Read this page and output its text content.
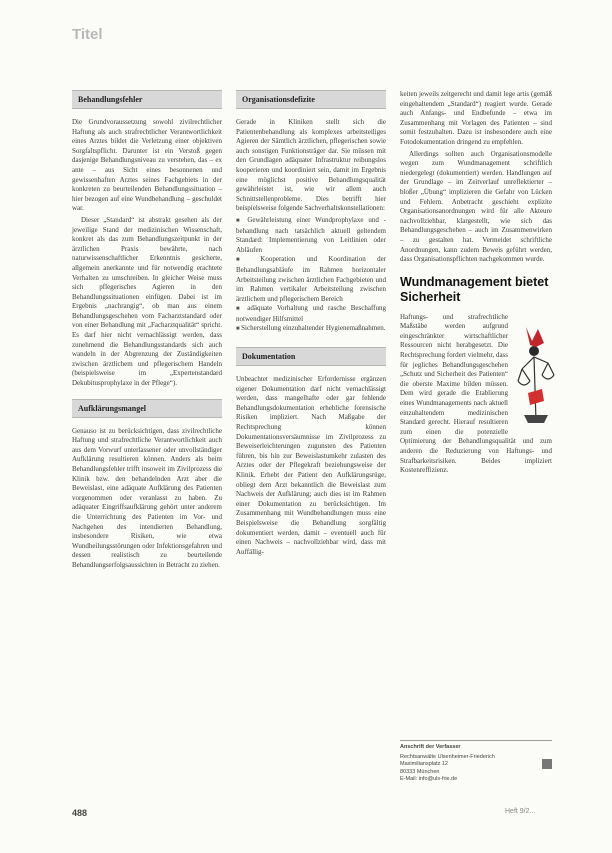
Titel
Behandlungsfehler

Die Grundvoraussetzung sowohl zivilrechtlicher Haftung als auch strafrechtlicher Verantwortlichkeit eines Arztes bildet die Verletzung einer objektiven Sorgfaltspflicht. Darunter ist ein Verstoß gegen dasjenige Behandlungsniveau zu verstehen, das – ex ante – aus Sicht eines besonnenen und gewissenhaften Arztes seines Fachgebiets in der konkreten zu beurteilenden Behandlungssituation – hier bezogen auf eine Wundbehandlung – geschuldet war.

Dieser „Standard“ ist abstrakt gesehen als der jeweilige Stand der medizinischen Wissenschaft, konkret als das zum Behandlungszeitpunkt in der ärztlichen Praxis bewährte, nach naturwissenschaftlicher Erkenntnis gesicherte, allgemein anerkannte und für notwendig erachtete Verhalten zu umschreiben. In gleicher Weise muss sich pflegerisches Agieren in den Behandlungssituationen einfügen. Dabei ist im Ergebnis „nachrangig“, ob man aus einem Behandlungsgeschehen vom Facharztstandard oder von einer Behandlung mit „Facharztqualität“ spricht. Es darf hier nicht vernachlässigt werden, dass zunehmend die Behandlungsstandards sich auch wandeln in der Abgrenzung der Zuständigkeiten zwischen ärztlichem und pflegerischem Handeln (beispielsweise im „Expertenstandard Dekubitusprophylaxe in der Pflege“).

Aufklärungsmangel

Genauso ist zu berücksichtigen, dass zivilrechtliche Haftung und strafrechtliche Verantwortlichkeit auch aus dem Vorwurf unterlassener oder unvollständiger Aufklärung resultieren können. Anders als beim Behandlungsfehler trifft insoweit im Zivilprozess die Klinik bzw. den behandelnden Arzt aber die Beweislast, eine adäquate Aufklärung des Patienten vorgenommen oder veranlasst zu haben. Zu adäquater Eingriffsaufklärung gehört unter anderem die Unterrichtung des Patienten im Vor- und Nachgehen des intendierten Behandlung, insbesondere Risiken, wie etwa Wundheilungsstörungen oder Infektionsgefahren und dessen realistisch zu beurteilende Behandlungserfolgsaussichten in Betracht zu ziehen.

Organisationsdefizite

Gerade in Kliniken stellt sich die Patientenbehandlung als komplexes arbeitsteiliges Agieren der Sämtlich ärztlichen, pflegerischen sowie auch sonstigen Funktionsträger dar. Sie müssen mit den Grundlagen adäquater Infrastruktur reibungslos kooperieren und koordiniert sein, damit im Ergebnis eine möglichst positive Behandlungsqualität gewährleistet ist, wie wir allem auch Schnittstellenprobleme. Dies betrifft hier beispielsweise folgende Sachverhaltskonstellationen:

■ Gewährleistung einer Wundprophylaxe und -behandlung nach tatsächlich aktuell geltendem Standard: Implementierung von Leitlinien oder Abläufen
■ Kooperation und Koordination der Behandlungsabläufe im Rahmen horizontaler Arbeitsteilung zwischen ärztlichen Fachgebieten und im Rahmen vertikaler Arbeitsteilung zwischen ärztlichem und pflegerischem Bereich
■ adäquate Vorhaltung und rasche Beschaffung notwendiger Hilfsmittel
■ Sicherstellung einzuhaltender Hygienemaßnahmen.
Dokumentation

Unbeachtet medizinischer Erfordernisse ergänzen eigener Dokumentation darf nicht vernachlässigt werden, dass mangelhafte oder gar fehlende Behandlungsdokumentation erhebliche forensische Risiken impliziert. Nach Maßgabe der Rechtsprechung können Dokumentationsversäumnisse im Zivilprozess zu Beweiserleichterungen zugunsten des Patienten führen, bis hin zur Beweislastumkehr zulasten des Arztes oder der Pflegekraft beziehungsweise der Klinik. Erhebt der Patient den Aufklärungsrüge, obliegt dem Arzt bekanntlich die Beweislast zum Nachweis der Aufklärung; auch dies ist im Rahmen einer Dokumentation zu berücksichtigen. Im Zusammenhang mit Wundbehandlungen muss eine Beispielsweise die Behandlung sorgfältig dokumentiert werden, damit – eventuell auch für einen Nachweis – nachvollziehbar wird, dass mit Auffällig-

keiten jeweils zeitgerecht und damit lege artis (gemäß eingehaltendem „Standard“) reagiert wurde. Gerade auch Anfangs- und Endbefunde – etwa im Zusammenhang mit Vorlagen des Patienten – sind somit festzuhalten. Dazu ist insbesondere auch eine Fotodokumentation dringend zu empfehlen.

Allerdings sollten auch Organisationsmodelle wegen zum Wundmanagement schriftlich niedergelegt (dokumentiert) werden. Handlungen auf der Grundlage – im Zeitverlauf unreflektierter – bloßer „Übung“ implizieren die Gefahr von Lücken und Fehlern. Anbetracht geschieht explizite Organisationsanordnungen wird für alle Akteure nachvollziehbar, klargestellt, wie sich das Behandlungsgeschehen – auch im Zusammenwirken – zu gestalten hat. Vermeidet schriftliche Anordnungen, kann zudem Beweis geführt werden, dass Organisationspflichten nachgekommen wurde.

Wundmanagement bietet Sicherheit

Haftungs- und strafrechtliche Maßstäbe werden aufgrund eingeschränkter wirtschaftlicher Ressourcen nicht herabgesetzt. Die Rechtsprechung fordert vielmehr, dass für jegliches Behandlungsgeschehen „Schutz und Sicherheit des Patienten“ die oberste Maxime bilden müssen. Dem wird gerade die Etablierung eines Wundmanagements nach aktuell einzuhaltendem medizinischen Standard gerecht. Hierauf resultieren zum einen die potenzielle Optimierung der Behandlungsqualität und zum anderen die Reduzierung von Haftungs- und Strafbarkeitsrisiken. Beides impliziert Kostenreffizienz.

Anschrift der Verfasser
Rechtsanwälte Ulsenheimer-Friederich
Maximiliansplatz 12
80333 München
E-Mail: info@uls-frie.de
488	Heft 9/2...
